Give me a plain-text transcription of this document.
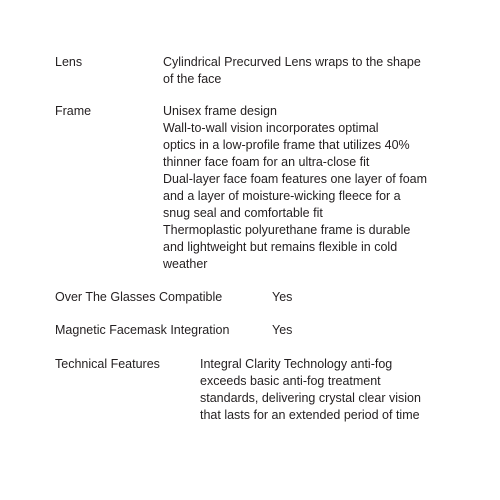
Lens	Cylindrical Precurved Lens wraps to the shape
of the face
Frame	Unisex frame design
Wall-to-wall vision incorporates optimal
optics in a low-profile frame that utilizes 40%
thinner face foam for an ultra-close fit
Dual-layer face foam features one layer of foam
and a layer of moisture-wicking fleece for a
snug seal and comfortable fit
Thermoplastic polyurethane frame is durable
and lightweight but remains flexible in cold
weather
Over The Glasses Compatible	Yes
Magnetic Facemask Integration	Yes
Technical Features	Integral Clarity Technology anti-fog
exceeds basic anti-fog treatment
standards, delivering crystal clear vision
that lasts for an extended period of time
